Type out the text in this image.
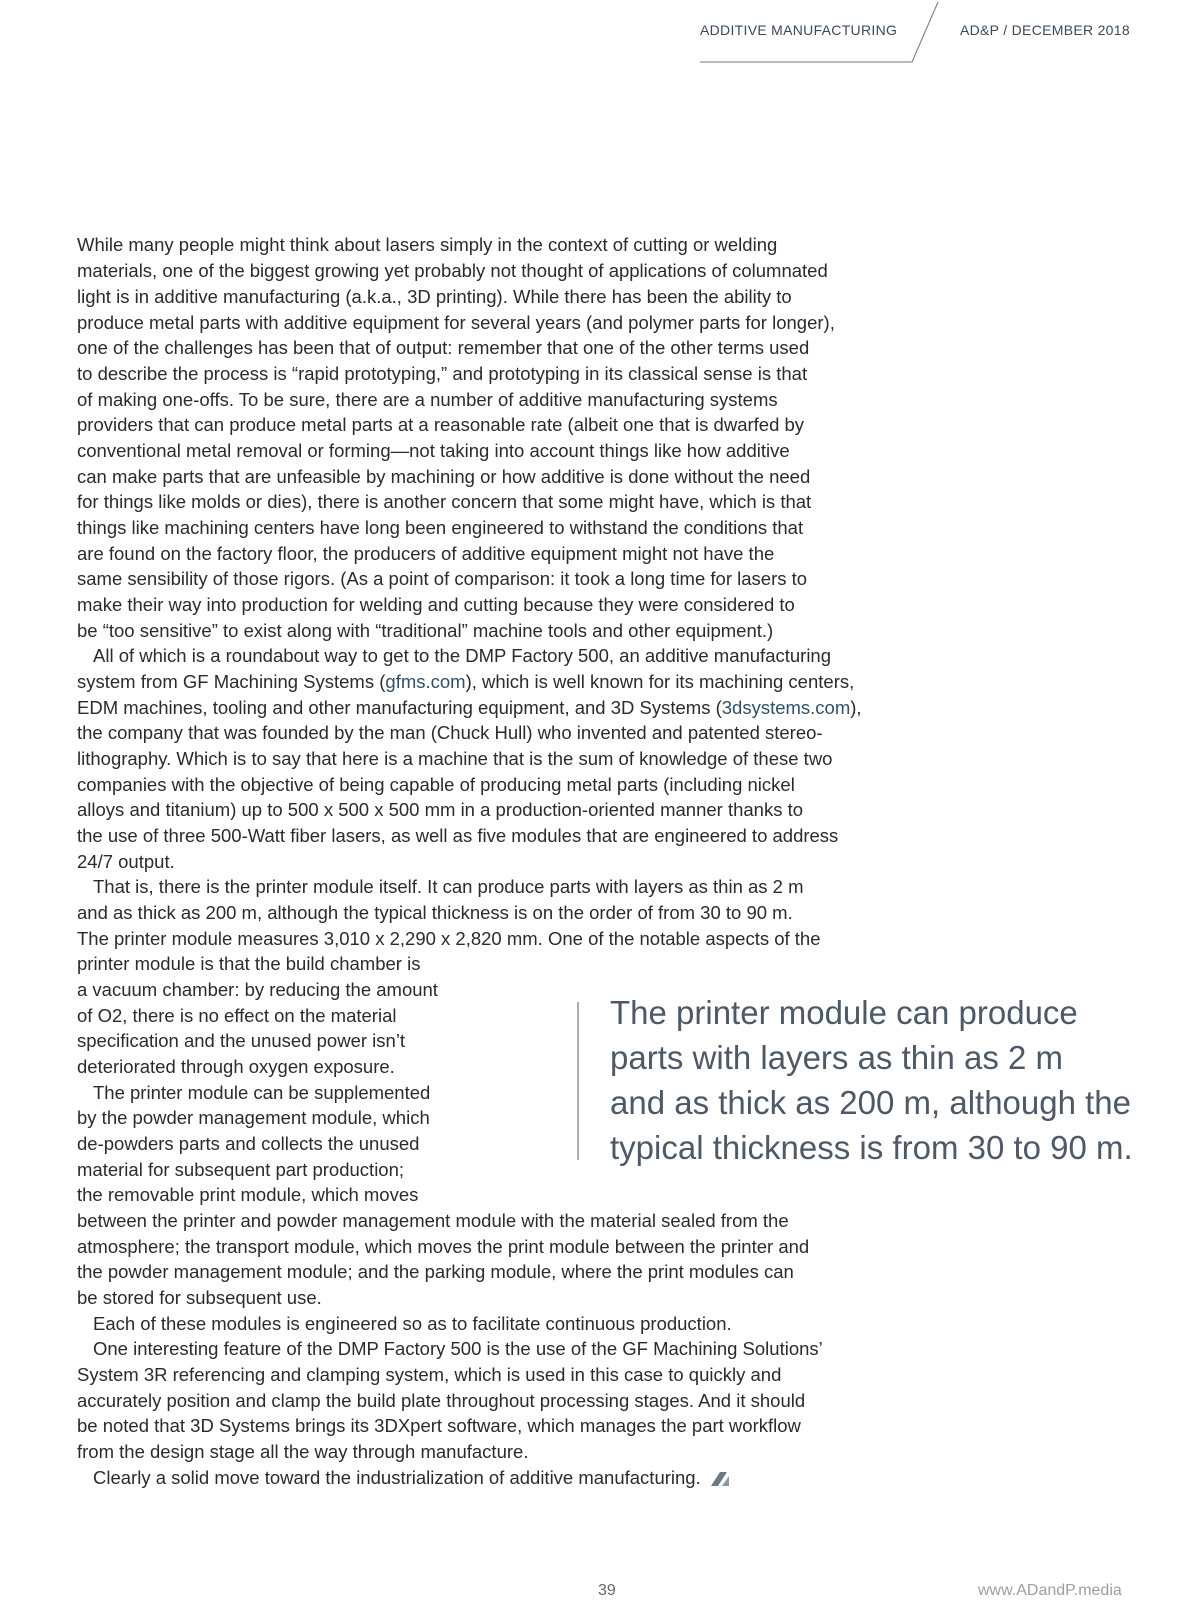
ADDITIVE MANUFACTURING	AD&P / DECEMBER 2018
While many people might think about lasers simply in the context of cutting or welding
materials, one of the biggest growing yet probably not thought of applications of columnated
light is in additive manufacturing (a.k.a., 3D printing). While there has been the ability to
produce metal parts with additive equipment for several years (and polymer parts for longer),
one of the challenges has been that of output: remember that one of the other terms used
to describe the process is “rapid prototyping,” and prototyping in its classical sense is that
of making one-offs. To be sure, there are a number of additive manufacturing systems
providers that can produce metal parts at a reasonable rate (albeit one that is dwarfed by
conventional metal removal or forming—not taking into account things like how additive
can make parts that are unfeasible by machining or how additive is done without the need
for things like molds or dies), there is another concern that some might have, which is that
things like machining centers have long been engineered to withstand the conditions that
are found on the factory floor, the producers of additive equipment might not have the
same sensibility of those rigors. (As a point of comparison: it took a long time for lasers to
make their way into production for welding and cutting because they were considered to
be “too sensitive” to exist along with “traditional” machine tools and other equipment.)
All of which is a roundabout way to get to the DMP Factory 500, an additive manufacturing
system from GF Machining Systems (gfms.com), which is well known for its machining centers,
EDM machines, tooling and other manufacturing equipment, and 3D Systems (3dsystems.com),
the company that was founded by the man (Chuck Hull) who invented and patented stereo-
lithography. Which is to say that here is a machine that is the sum of knowledge of these two
companies with the objective of being capable of producing metal parts (including nickel
alloys and titanium) up to 500 x 500 x 500 mm in a production-oriented manner thanks to
the use of three 500-Watt fiber lasers, as well as five modules that are engineered to address
24/7 output.
That is, there is the printer module itself. It can produce parts with layers as thin as 2 m
and as thick as 200 m, although the typical thickness is on the order of from 30 to 90 m.
The printer module measures 3,010 x 2,290 x 2,820 mm. One of the notable aspects of the
printer module is that the build chamber is
a vacuum chamber: by reducing the amount
of O2, there is no effect on the material
specification and the unused power isn’t
deteriorated through oxygen exposure.
The printer module can be supplemented
by the powder management module, which
de-powders parts and collects the unused
material for subsequent part production;
the removable print module, which moves
between the printer and powder management module with the material sealed from the
atmosphere; the transport module, which moves the print module between the printer and
the powder management module; and the parking module, where the print modules can
be stored for subsequent use.
Each of these modules is engineered so as to facilitate continuous production.
One interesting feature of the DMP Factory 500 is the use of the GF Machining Solutions’
System 3R referencing and clamping system, which is used in this case to quickly and
accurately position and clamp the build plate throughout processing stages. And it should
be noted that 3D Systems brings its 3DXpert software, which manages the part workflow
from the design stage all the way through manufacture.
Clearly a solid move toward the industrialization of additive manufacturing.
The printer module can produce
parts with layers as thin as 2 m
and as thick as 200 m, although the
typical thickness is from 30 to 90 m.
39	www.ADandP.media
